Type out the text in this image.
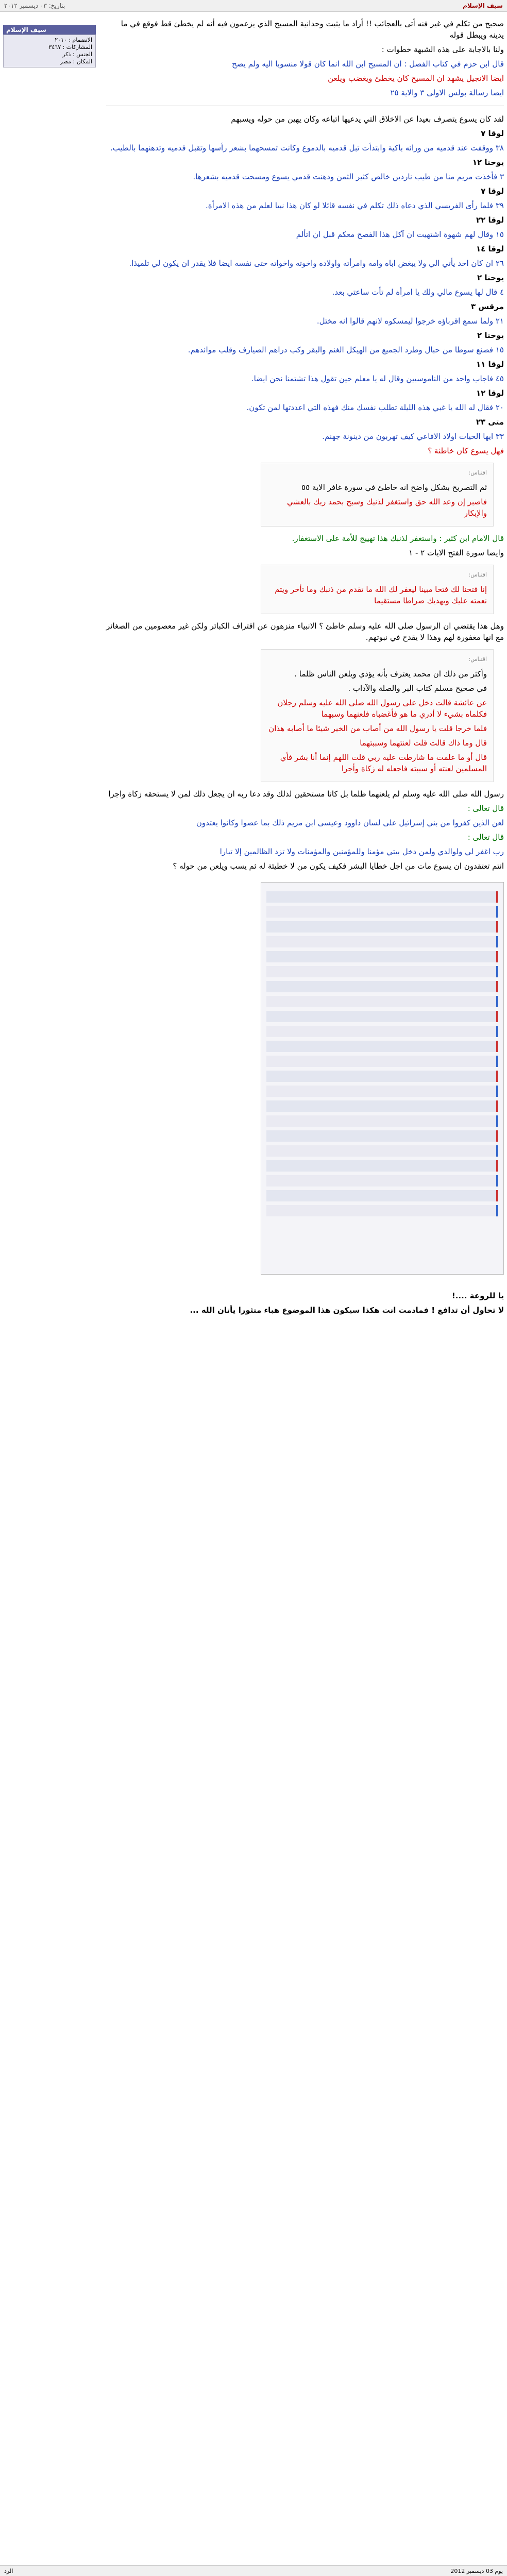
سيف الإسلام
بتاريخ: ٠٣ ديسمبر ٢٠١٢
سيف الإسلام
الانضمام : ٢٠١٠
المشاركات : ٣٤٦٧
الجنس : ذكر
المكان : مصر

صحيح من تكلم في غير فنه أتى بالعجائب !! أراد ما يثبت وحدانية المسيح الذي يزعمون فيه أنه لم يخطئ قط فوقع في ما يدينه ويبطل قوله

ولنا بالاجابة على هذه الشبهة خطوات :

قال ابن حزم في كتاب الفصل : ان المسيح ابن الله انما كان قولا منسوبا اليه ولم يصح

ايضا الانجيل يشهد ان المسيح كان يخطئ ويغضب ويلعن

ايضا رسالة بولس الاولى ٣ والاية ٢٥

لقد كان يسوع يتصرف بعيدا عن الاخلاق التي يدعيها اتباعه وكان يهين من حوله ويسبهم

لوقا ٧

٣٨ ووقفت عند قدميه من ورائه باكية وابتدأت تبل قدميه بالدموع وكانت تمسحهما بشعر رأسها وتقبل قدميه وتدهنهما بالطيب.

يوحنا ١٢

٣ فأخذت مريم منا من طيب ناردين خالص كثير الثمن ودهنت قدمي يسوع ومسحت قدميه بشعرها.

لوقا ٧

٣٩ فلما رأى الفريسي الذي دعاه ذلك تكلم في نفسه قائلا لو كان هذا نبيا لعلم من هذه الامرأة.

لوقا ٢٢

١٥ وقال لهم شهوة اشتهيت ان آكل هذا الفصح معكم قبل ان اتألم

لوقا ١٤

٢٦ ان كان احد يأتي الي ولا يبغض اباه وامه وامرأته واولاده واخوته واخواته حتى نفسه ايضا فلا يقدر ان يكون لي تلميذا.

يوحنا ٢

٤ قال لها يسوع مالي ولك يا امرأة لم تأت ساعتي بعد.

مرقس ٣

٢١ ولما سمع اقرباؤه خرجوا ليمسكوه لانهم قالوا انه مختل.

يوحنا ٢

١٥ فصنع سوطا من حبال وطرد الجميع من الهيكل الغنم والبقر وكب دراهم الصيارف وقلب موائدهم.

لوقا ١١

٤٥ فاجاب واحد من الناموسيين وقال له يا معلم حين تقول هذا تشتمنا نحن ايضا.

لوقا ١٢

٢٠ فقال له الله يا غبي هذه الليلة تطلب نفسك منك فهذه التي اعددتها لمن تكون.

متى ٢٣

٣٣ ايها الحيات اولاد الافاعي كيف تهربون من دينونة جهنم.

فهل يسوع كان خاطئة ؟

اقتباس:

ثم التصريح بشكل واضح انه خاطئ في سورة غافر الاية ٥٥

فاصبر إن وعد الله حق واستغفر لذنبك وسبح بحمد ربك بالعشي والإبكار

قال الامام ابن كثير : واستغفر لذنبك هذا تهييج للأمة على الاستغفار.

وايضا سورة الفتح الايات ٢ - ١

اقتباس:

إنا فتحنا لك فتحا مبينا ليغفر لك الله ما تقدم من ذنبك وما تأخر ويتم نعمته عليك ويهديك صراطا مستقيما

وهل هذا يقتضي ان الرسول صلى الله عليه وسلم خاطئ ؟ الانبياء منزهون عن اقتراف الكبائر ولكن غير معصومين من الصغائر مع انها مغفورة لهم وهذا لا يقدح في نبوتهم.

اقتباس:

وأكثر من ذلك ان محمد يعترف بأنه يؤذي ويلعن الناس ظلما .

في صحيح مسلم كتاب البر والصلة والآداب .

عن عائشة قالت دخل على رسول الله صلى الله عليه وسلم رجلان فكلماه بشيء لا أدري ما هو فأغضباه فلعنهما وسبهما

فلما خرجا قلت يا رسول الله من أصاب من الخير شيئا ما أصابه هذان

قال وما ذاك قالت قلت لعنتهما وسببتهما

قال أو ما علمت ما شارطت عليه ربي قلت اللهم إنما أنا بشر فأي المسلمين لعنته أو سببته فاجعله له زكاة وأجرا

رسول الله صلى الله عليه وسلم لم يلعنهما ظلما بل كانا مستحقين لذلك وقد دعا ربه ان يجعل ذلك لمن لا يستحقه زكاة واجرا

قال تعالى :

لعن الذين كفروا من بني إسرائيل على لسان داوود وعيسى ابن مريم ذلك بما عصوا وكانوا يعتدون

قال تعالى :

رب اغفر لي ولوالدي ولمن دخل بيتي مؤمنا وللمؤمنين والمؤمنات ولا تزد الظالمين إلا تبارا

انتم تعتقدون ان يسوع مات من اجل خطايا البشر فكيف يكون من لا خطيئة له ثم يسب ويلعن من حوله ؟

يا للروعة ....!

لا تحاول أن تدافع ! فمادمت انت هكذا سيكون هذا الموضوع هباء منثورا يأتان الله ...

يوم 03 ديسمبر 2012
الرد
